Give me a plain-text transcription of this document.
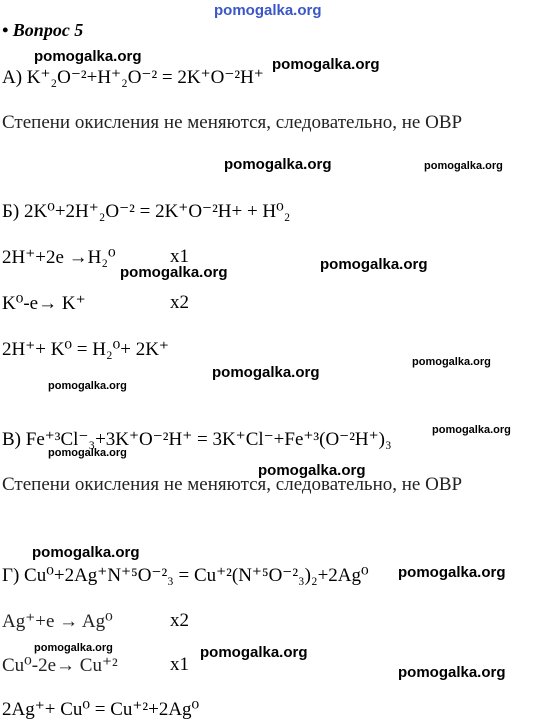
pomogalka.org
pomogalka.org	pomogalka.org
pomogalka.org	pomogalka.org
pomogalka.org
pomogalka.org
pomogalka.org
pomogalka.org
pomogalka.org
pomogalka.org
pomogalka.org
pomogalka.org
pomogalka.org
pomogalka.org
pomogalka.org	pomogalka.org
pomogalka.org
• Вопрос 5
А) K⁺₂O⁻²+H⁺₂O⁻² = 2K⁺O⁻²H⁺
Степени окисления не меняются, следовательно, не ОВР
Б) 2K⁰+2H⁺₂O⁻² = 2K⁺O⁻²H+ + H⁰₂
2H⁺+2e →H₂⁰	x1
K⁰-e→ K⁺	x2
2H⁺+ K⁰ = H₂⁰+ 2K⁺
В) Fe⁺³Cl⁻₃+3K⁺O⁻²H⁺ = 3K⁺Cl⁻+Fe⁺³(O⁻²H⁺)₃
Степени окисления не меняются, следовательно, не ОВР
Г) Cu⁰+2Ag⁺N⁺⁵O⁻²₃ = Cu⁺²(N⁺⁵O⁻²₃)₂+2Ag⁰
Ag⁺+e → Ag⁰	x2
Cu⁰-2e→ Cu⁺²	x1
2Ag⁺+ Cu⁰ = Cu⁺²+2Ag⁰
